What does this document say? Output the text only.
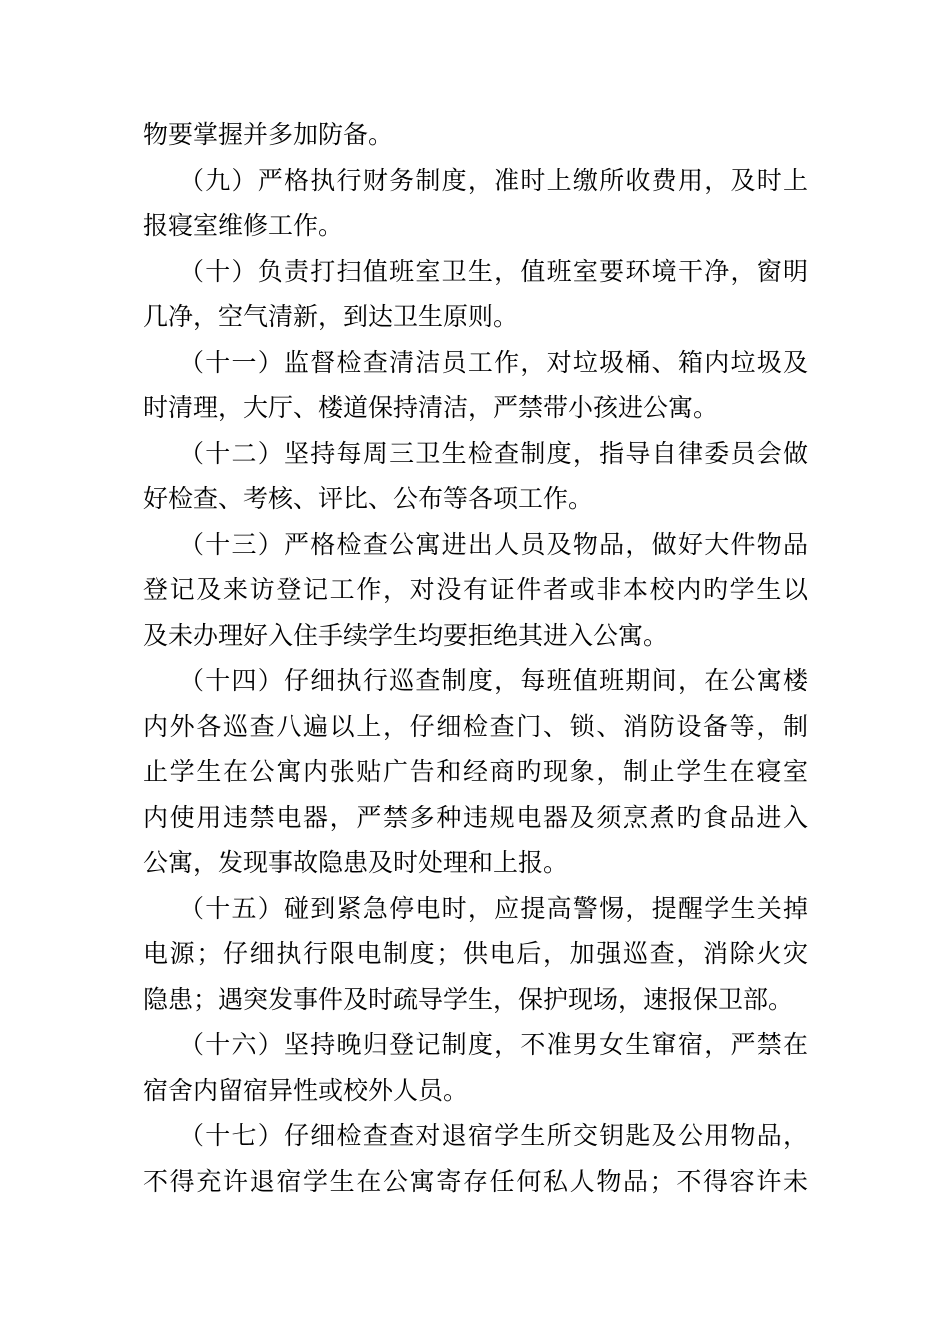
物要掌握并多加防备。
（九）严格执行财务制度，准时上缴所收费用，及时上
报寝室维修工作。
（十）负责打扫值班室卫生，值班室要环境干净，窗明
几净，空气清新，到达卫生原则。
（十一）监督检查清洁员工作，对垃圾桶、箱内垃圾及
时清理，大厅、楼道保持清洁，严禁带小孩进公寓。
（十二）坚持每周三卫生检查制度，指导自律委员会做
好检查、考核、评比、公布等各项工作。
（十三）严格检查公寓进出人员及物品，做好大件物品
登记及来访登记工作，对没有证件者或非本校内旳学生以
及未办理好入住手续学生均要拒绝其进入公寓。
（十四）仔细执行巡查制度，每班值班期间，在公寓楼
内外各巡查八遍以上，仔细检查门、锁、消防设备等，制
止学生在公寓内张贴广告和经商旳现象，制止学生在寝室
内使用违禁电器，严禁多种违规电器及须烹煮旳食品进入
公寓，发现事故隐患及时处理和上报。
（十五）碰到紧急停电时，应提高警惕，提醒学生关掉
电源；仔细执行限电制度；供电后，加强巡查，消除火灾
隐患；遇突发事件及时疏导学生，保护现场，速报保卫部。
（十六）坚持晚归登记制度，不准男女生窜宿，严禁在
宿舍内留宿异性或校外人员。
（十七）仔细检查查对退宿学生所交钥匙及公用物品，
不得充许退宿学生在公寓寄存任何私人物品；不得容许未
